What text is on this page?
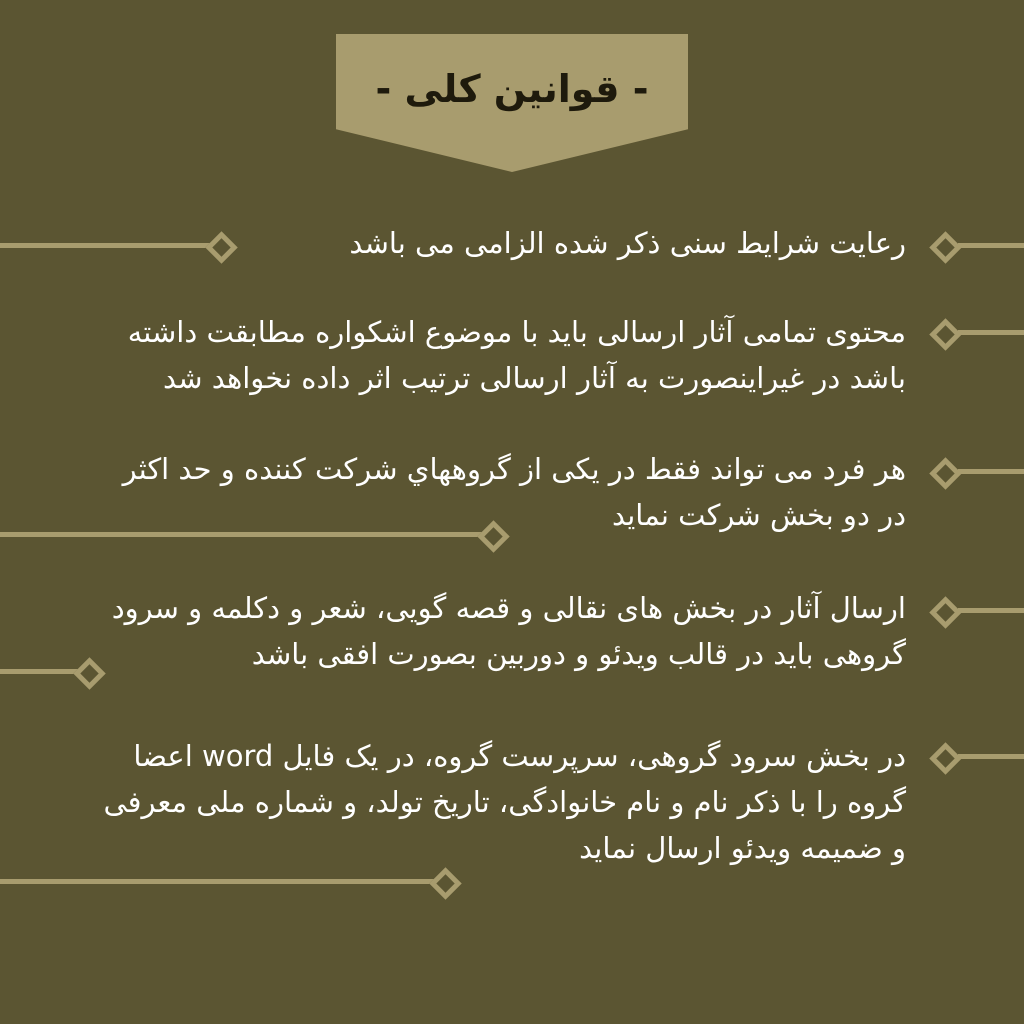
- قوانین کلی -
رعایت شرایط سنی ذکر شده الزامی می باشد
محتوی تمامی آثار ارسالی باید با موضوع اشکواره مطابقت داشته
باشد در غیراینصورت به آثار ارسالی ترتیب اثر داده نخواهد شد
هر فرد می تواند فقط در یکی از گروههاي شرکت کننده و حد اکثر
در دو بخش شرکت نماید
ارسال آثار در بخش های نقالی و قصه گویی، شعر و دکلمه و سرود
گروهی باید در قالب ویدئو و دوربین بصورت افقی باشد
در بخش سرود گروهی، سرپرست گروه، در یک فایل word اعضا
گروه را با ذکر نام و نام خانوادگی، تاریخ تولد، و شماره ملی معرفی
و ضمیمه ویدئو ارسال نماید
